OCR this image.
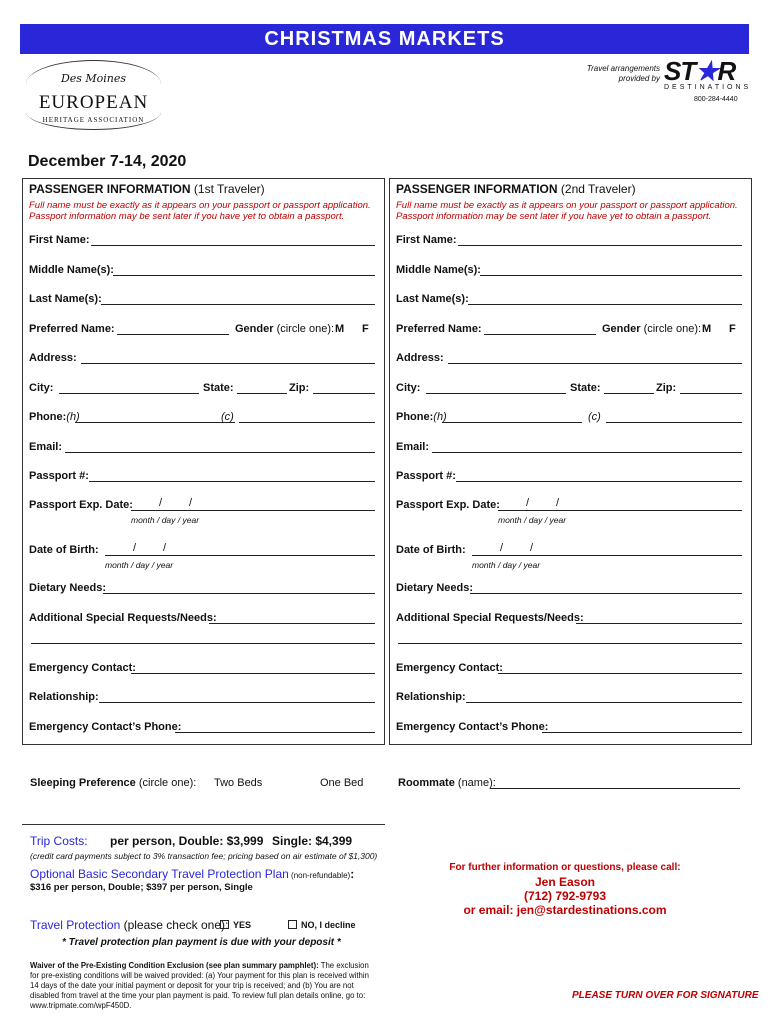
CHRISTMAS MARKETS
Des Moines
EUROPEAN
HERITAGE ASSOCIATION
Travel arrangements
provided by ST★R
DESTINATIONS
800-284-4440
December 7-14, 2020
PASSENGER INFORMATION (1st Traveler)
Full name must be exactly as it appears on your passport or passport application. Passport information may be sent later if you have yet to obtain a passport.
First Name:
Middle Name(s):
Last Name(s):
Preferred Name:	Gender (circle one): M F
Address:
City:	State:	Zip:
Phone:(h)	(c)
Email:
Passport #:
Passport Exp. Date: / /
month / day / year
Date of Birth:	/ /
month / day / year
Dietary Needs:
Additional Special Requests/Needs:
Emergency Contact:
Relationship:
Emergency Contact’s Phone:
PASSENGER INFORMATION (2nd Traveler)
Full name must be exactly as it appears on your passport or passport application. Passport information may be sent later if you have yet to obtain a passport.
First Name:
Middle Name(s):
Last Name(s):
Preferred Name:	Gender (circle one): M F
Address:
City:	State:	Zip:
Phone:(h)	(c)
Email:
Passport #:
Passport Exp. Date: / /
month / day / year
Date of Birth:	/ /
month / day / year
Dietary Needs:
Additional Special Requests/Needs:
Emergency Contact:
Relationship:
Emergency Contact’s Phone:
Sleeping Preference (circle one): Two Beds	One Bed	Roommate (name):
Trip Costs: per person, Double: $3,999 Single: $4,399
(credit card payments subject to 3% transaction fee; pricing based on air estimate of $1,300)
Optional Basic Secondary Travel Protection Plan (non-refundable):
$316 per person, Double; $397 per person, Single
Travel Protection (please check one): YES	NO, I decline
* Travel protection plan payment is due with your deposit *
Waiver of the Pre-Existing Condition Exclusion (see plan summary pamphlet): The exclusion for pre-existing conditions will be waived provided: (a) Your payment for this plan is received within 14 days of the date your initial payment or deposit for your trip is received; and (b) You are not disabled from travel at the time your plan payment is paid. To review full plan details online, go to: www.tripmate.com/wpF450D.
For further information or questions, please call:
Jen Eason
(712) 792-9793
or email: jen@stardestinations.com
PLEASE TURN OVER FOR SIGNATURE
